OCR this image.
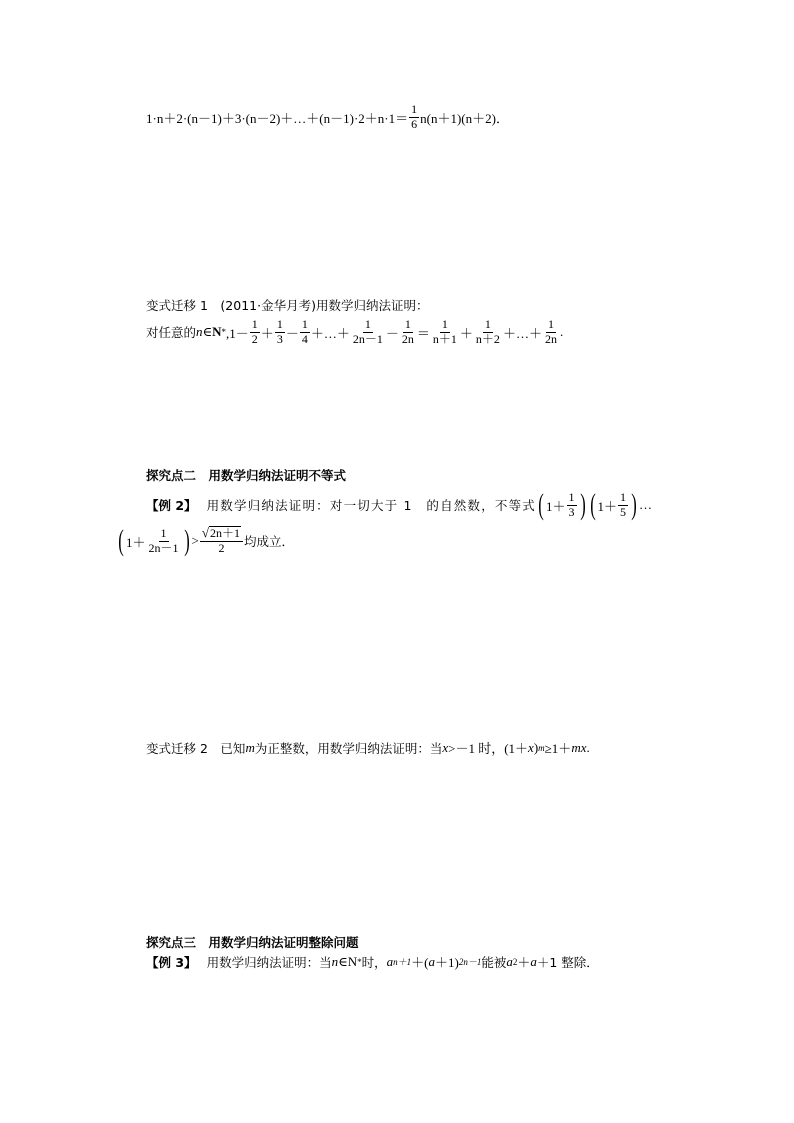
1·n＋2·(n－1)＋3·(n－2)＋…＋(n－1)·2＋n·1＝ $\frac{1}{6} n(n+1)(n+2)$．
变式迁移 1　(2011·金华月考)用数学归纳法证明：
对任意的 n ∈ $N * ,1- \frac{1}{2} + \frac{1}{3} - \frac{1}{4}$ ＋…＋ $\frac{1}{2n-1} - \frac{1}{2n} = \frac{1}{n+1} + \frac{1}{n+2}$ ＋…＋ $\frac{1}{2n}$ .
探究点二　用数学归纳法证明不等式
【例 2】 用数学归纳法证明：对一切大于 1　的自然数，不等式 ( $1+ \frac{1}{3}$ ) ( $1+ \frac{1}{5}$ ) …
( $1+ \frac{1}{2n-1}$ ) > $\frac{√ 2n+1}{2}$ 均成立．
变式迁移 2　已知 m 为正整数，用数学归纳法证明：当 x >－1 时，(1＋ x ) m ≥1＋ mx .
探究点三　用数学归纳法证明整除问题
【例 3】 用数学归纳法证明：当 n ∈N * 时， a n＋1 ＋( a ＋1) 2n－1 能被 a 2 ＋ a ＋1 整除．
